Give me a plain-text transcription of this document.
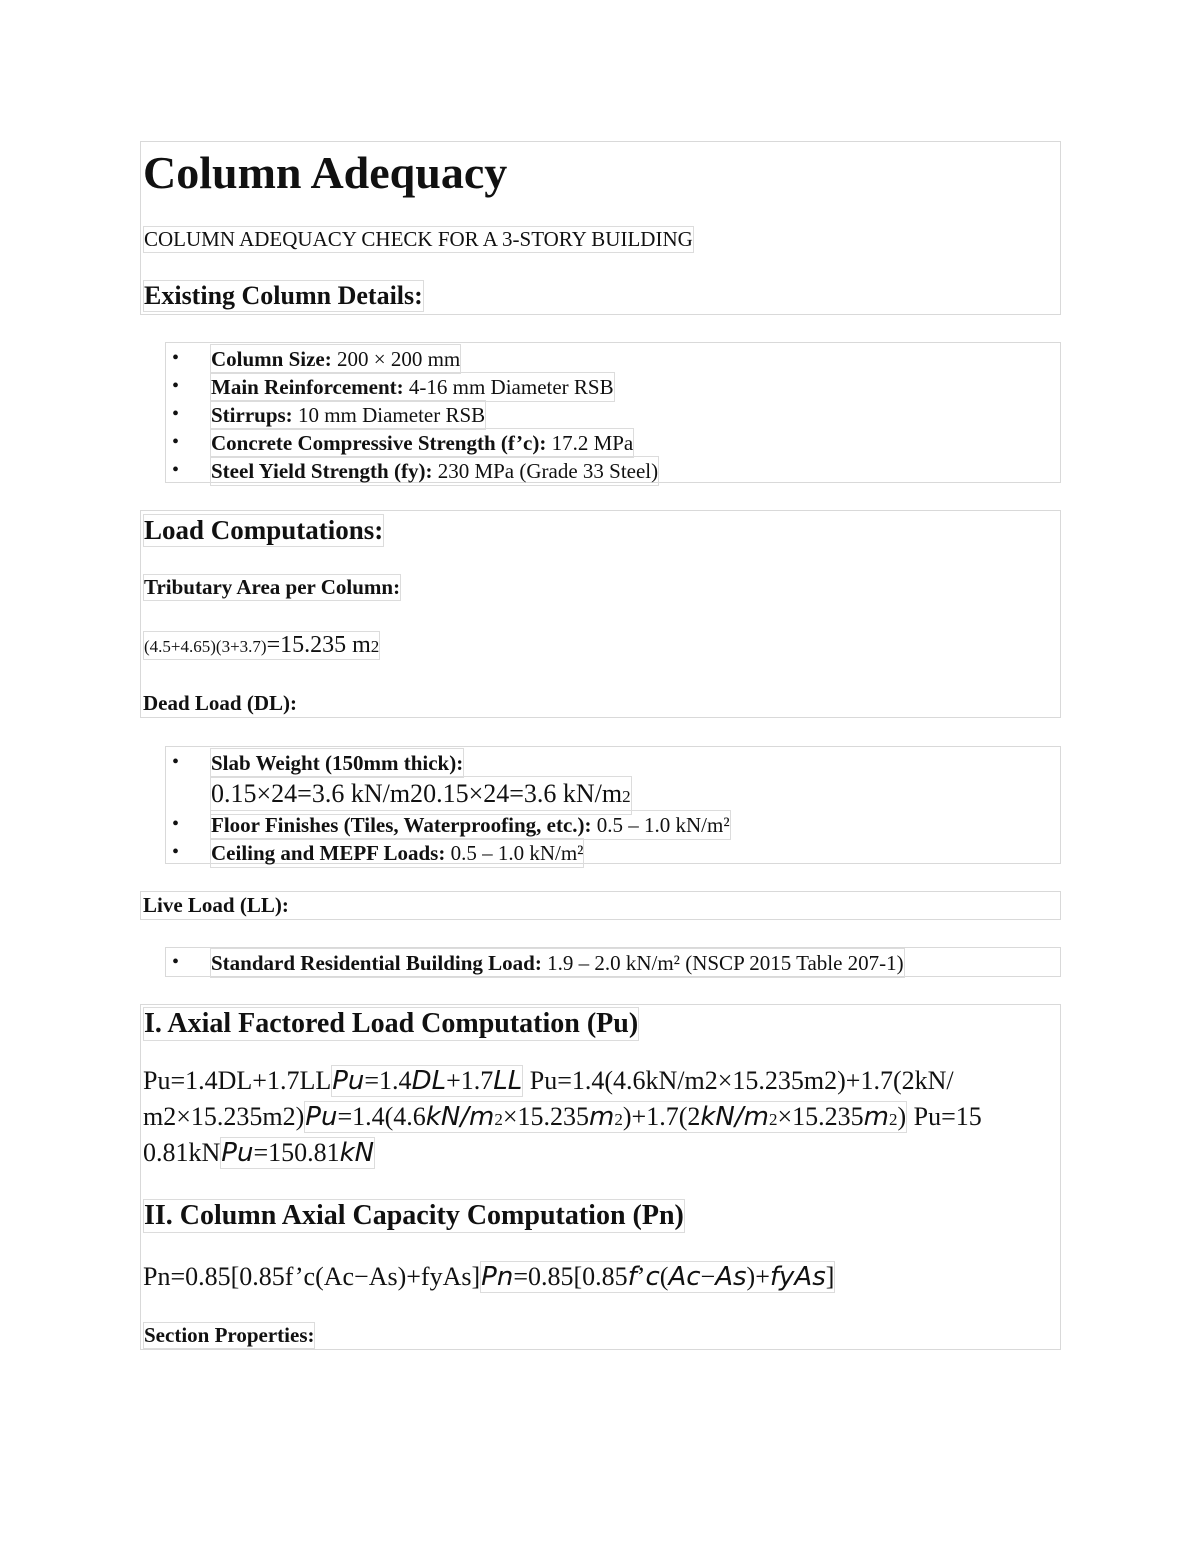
Column Adequacy
COLUMN ADEQUACY CHECK FOR A 3-STORY BUILDING
Existing Column Details:
• Column Size: 200 × 200 mm
• Main Reinforcement: 4-16 mm Diameter RSB
• Stirrups: 10 mm Diameter RSB
• Concrete Compressive Strength (f’c): 17.2 MPa
• Steel Yield Strength (fy): 230 MPa (Grade 33 Steel)
Load Computations:
Tributary Area per Column:
(4.5+4.65)(3+3.7)=15.235 m2
Dead Load (DL):
• Slab Weight (150mm thick):
0.15×24=3.6 kN/m20.15×24=3.6 kN/m2
• Floor Finishes (Tiles, Waterproofing, etc.): 0.5 – 1.0 kN/m²
• Ceiling and MEPF Loads: 0.5 – 1.0 kN/m²
Live Load (LL):
• Standard Residential Building Load: 1.9 – 2.0 kN/m² (NSCP 2015 Table 207-1)
I. Axial Factored Load Computation (Pu)
Pu=1.4DL+1.7LLPu=1.4DL+1.7LL Pu=1.4(4.6kN/m2×15.235m2)+1.7(2kN/
m2×15.235m2)Pu=1.4(4.6kN/m2×15.235m2)+1.7(2kN/m2×15.235m2) Pu=15
0.81kNPu=150.81kN
II. Column Axial Capacity Computation (Pn)
Pn=0.85[0.85f’c(Ac−As)+fyAs]Pn=0.85[0.85f’c(Ac−As)+fyAs]
Section Properties:
